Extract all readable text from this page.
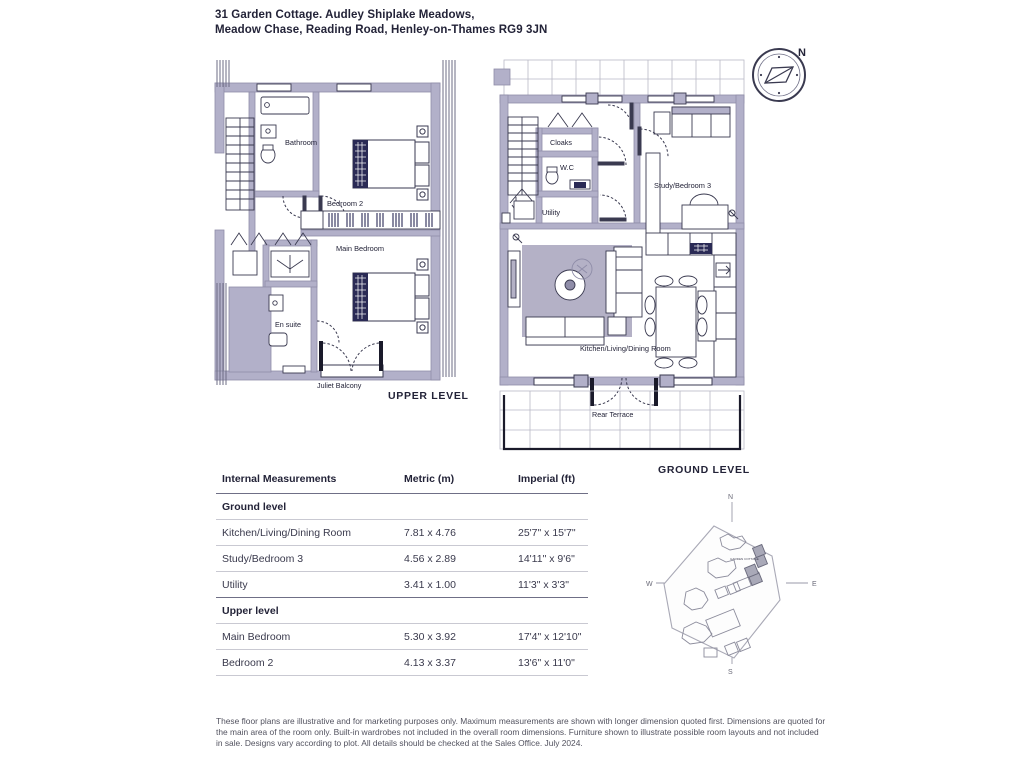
31 Garden Cottage. Audley Shiplake Meadows,
Meadow Chase, Reading Road, Henley-on-Thames RG9 3JN
N
Bathroom
Bedroom 2
Main Bedroom
En suite
Juliet Balcony
UPPER LEVEL
Cloaks
W.C
Utility
Study/Bedroom 3
Kitchen/Living/Dining Room
Rear Terrace
GROUND LEVEL
Internal Measurements	Metric (m)	Imperial (ft)
Ground level		
Kitchen/Living/Dining Room	7.81 x 4.76	25'7" x 15'7"
Study/Bedroom 3	4.56 x 2.89	14'11" x 9'6"
Utility	3.41 x 1.00	11'3" x 3'3"
Upper level		
Main Bedroom	5.30 x 3.92	17'4" x 12'10"
Bedroom 2	4.13 x 3.37	13'6" x 11'0"
N
W	E
S
GARDEN COTTAGE
These floor plans are illustrative and for marketing purposes only. Maximum measurements are shown with longer dimension quoted first. Dimensions are quoted for the main area of the room only. Built-in wardrobes not included in the overall room dimensions. Furniture shown to illustrate possible room layouts and not included in sale. Designs vary according to plot. All details should be checked at the Sales Office. July 2024.
